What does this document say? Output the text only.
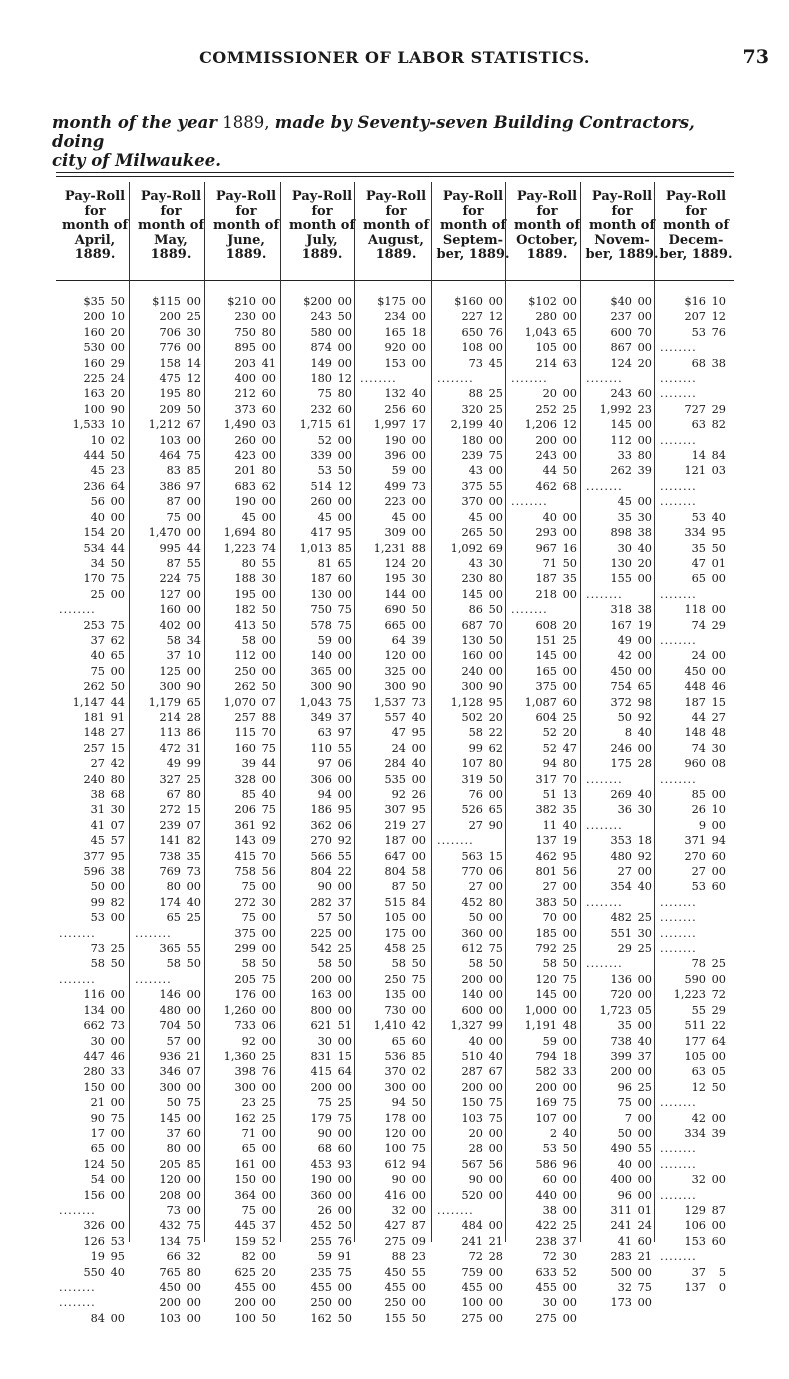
COMMISSIONER OF LABOR STATISTICS.	73
month of the year 1889, made by Seventy-seven Building Contractors, doing
city of Milwaukee.
Pay-Roll
for
month of
April,
1889.
$35 50
200 10
160 20
530 00
160 29
225 24
163 20
100 90
1,533 10
10 02
444 50
45 23
236 64
56 00
40 00
154 20
534 44
34 50
170 75
25 00
........
253 75
37 62
40 65
75 00
262 50
1,147 44
181 91
148 27
257 15
27 42
240 80
38 68
31 30
41 07
45 57
377 95
596 38
50 00
99 82
53 00
........
73 25
58 50
........
116 00
134 00
662 73
30 00
447 46
280 33
150 00
21 00
90 75
17 00
65 00
124 50
54 00
156 00
........
326 00
126 53
19 95
550 40
........
........
84 00
Pay-Roll
for
month of
May,
1889.
$115 00
200 25
706 30
776 00
158 14
475 12
195 80
209 50
1,212 67
103 00
464 75
83 85
386 97
87 00
75 00
1,470 00
995 44
87 55
224 75
127 00
160 00
402 00
58 34
37 10
125 00
300 90
1,179 65
214 28
113 86
472 31
49 99
327 25
67 80
272 15
239 07
141 82
738 35
769 73
80 00
174 40
65 25
........
365 55
58 50
........
146 00
480 00
704 50
57 00
936 21
346 07
300 00
50 75
145 00
37 60
80 00
205 85
120 00
208 00
73 00
432 75
134 75
66 32
765 80
450 00
200 00
103 00
Pay-Roll
for
month of
June,
1889.
$210 00
230 00
750 80
895 00
203 41
400 00
212 60
373 60
1,490 03
260 00
423 00
201 80
683 62
190 00
45 00
1,694 80
1,223 74
80 55
188 30
195 00
182 50
413 50
58 00
112 00
250 00
262 50
1,070 07
257 88
115 70
160 75
39 44
328 00
85 40
206 75
361 92
143 09
415 70
758 56
75 00
272 30
75 00
375 00
299 00
58 50
205 75
176 00
1,260 00
733 06
92 00
1,360 25
398 76
300 00
23 25
162 25
71 00
65 00
161 00
150 00
364 00
75 00
445 37
159 52
82 00
625 20
455 00
200 00
100 50
Pay-Roll
for
month of
July,
1889.
$200 00
243 50
580 00
874 00
149 00
180 12
75 80
232 60
1,715 61
52 00
339 00
53 50
514 12
260 00
45 00
417 95
1,013 85
81 65
187 60
130 00
750 75
578 75
59 00
140 00
365 00
300 90
1,043 75
349 37
63 97
110 55
97 06
306 00
94 00
186 95
362 06
270 92
566 55
804 22
90 00
282 37
57 50
225 00
542 25
58 50
200 00
163 00
800 00
621 51
30 00
831 15
415 64
200 00
75 25
179 75
90 00
68 60
453 93
190 00
360 00
26 00
452 50
255 76
59 91
235 75
455 00
250 00
162 50
Pay-Roll
for
month of
August,
1889.
$175 00
234 00
165 18
920 00
153 00
........
132 40
256 60
1,997 17
190 00
396 00
59 00
499 73
223 00
45 00
309 00
1,231 88
124 20
195 30
144 00
690 50
665 00
64 39
120 00
325 00
300 90
1,537 73
557 40
47 95
24 00
284 40
535 00
92 26
307 95
219 27
187 00
647 00
804 58
87 50
515 84
105 00
175 00
458 25
58 50
250 75
135 00
730 00
1,410 42
65 60
536 85
370 02
300 00
94 50
178 00
120 00
100 75
612 94
90 00
416 00
32 00
427 87
275 09
88 23
450 55
455 00
250 00
155 50
Pay-Roll
for
month of
Septem-
ber, 1889.
$160 00
227 12
650 76
108 00
73 45
........
88 25
320 25
2,199 40
180 00
239 75
43 00
375 55
370 00
45 00
265 50
1,092 69
43 30
230 80
145 00
86 50
687 70
130 50
160 00
240 00
300 90
1,128 95
502 20
58 22
99 62
107 80
319 50
76 00
526 65
27 90
........
563 15
770 06
27 00
452 80
50 00
360 00
612 75
58 50
200 00
140 00
600 00
1,327 99
40 00
510 40
287 67
200 00
150 75
103 75
20 00
28 00
567 56
90 00
520 00
........
484 00
241 21
72 28
759 00
455 00
100 00
275 00
Pay-Roll
for
month of
October,
1889.
$102 00
280 00
1,043 65
105 00
214 63
........
20 00
252 25
1,206 12
200 00
243 00
44 50
462 68
........
40 00
293 00
967 16
71 50
187 35
218 00
........
608 20
151 25
145 00
165 00
375 00
1,087 60
604 25
52 20
52 47
94 80
317 70
51 13
382 35
11 40
137 19
462 95
801 56
27 00
383 50
70 00
185 00
792 25
58 50
120 75
145 00
1,000 00
1,191 48
59 00
794 18
582 33
200 00
169 75
107 00
2 40
53 50
586 96
60 00
440 00
38 00
422 25
238 37
72 30
633 52
455 00
30 00
275 00
Pay-Roll
for
month of
Novem-
ber, 1889.
$40 00
237 00
600 70
867 00
124 20
........
243 60
1,992 23
145 00
112 00
33 80
262 39
........
45 00
35 30
898 38
30 40
130 20
155 00
........
318 38
167 19
49 00
42 00
450 00
754 65
372 98
50 92
8 40
246 00
175 28
........
269 40
36 30
........
353 18
480 92
27 00
354 40
........
482 25
551 30
29 25
........
136 00
720 00
1,723 05
35 00
738 40
399 37
200 00
96 25
75 00
7 00
50 00
490 55
40 00
400 00
96 00
311 01
241 24
41 60
283 21
500 00
32 75
173 00
Pay-Roll
for
month of
Decem-
ber, 1889.
$16 10
207 12
53 76
........
68 38
........
........
727 29
63 82
........
14 84
121 03
........
........
53 40
334 95
35 50
47 01
65 00
........
118 00
74 29
........
24 00
450 00
448 46
187 15
44 27
148 48
74 30
960 08
........
85 00
26 10
9 00
371 94
270 60
27 00
53 60
........
........
........
........
78 25
590 00
1,223 72
55 29
511 22
177 64
105 00
63 05
12 50
........
42 00
334 39
........
........
32 00
........
129 87
106 00
153 60
........
37 5
137 0
